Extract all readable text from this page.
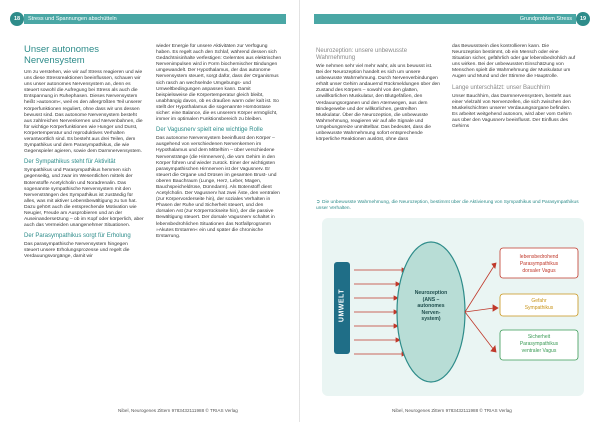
18	Stress und Spannungen abschütteln
Unser autonomes Nervensystem

Um zu verstehen, wie wir auf Stress reagieren und wie uns diese Stressreaktionen beeinflussen, schauen wir uns unser autonomes Nervensystem an, denn es steuert sowohl die Aufregung bei Stress als auch die Entspannung in Ruhephasen. Dieses Nervensystem heißt »autonom«, weil es den allergrößten Teil unserer Körperfunktionen reguliert, ohne dass wir uns dessen bewusst sind. Das autonome Nervensystem besteht aus zahlreichen Nervenkernen und Nervenbahnen, die für wichtige Körperfunktionen wie Hunger und Durst, Körpertemperatur und reproduktives Verhalten verantwortlich sind. Es besteht aus drei Teilen, dem Sympathikus und dem Parasympathikus, die wie Gegenspieler agieren, sowie dem Darmnervensystem.

Der Sympathikus steht für Aktivität

Sympathikus und Parasympathikus hemmen sich gegenseitig, und zwar im Wesentlichen mittels der Botenstoffe Acetylcholin und Noradrenalin. Das sogenannte sympathische Nervensystem mit den Nervensträngen des Sympathikus ist zuständig für alles, was mit aktiver Lebensbewältigung zu tun hat. Dazu gehört auch die entsprechende Motivation wie Neugier, Freude am Ausprobieren und an der Auseinandersetzung – ob im Kopf oder körperlich, aber auch das Vermeiden unangenehmer Situationen.

Der Parasympathikus sorgt für Erholung

Das parasympathische Nervensystem hingegen steuert unsere Erholungsprozesse und regelt die Verdauungsvorgänge, damit wir

wieder Energie für unsere Aktivitäten zur Verfügung haben. Es regelt auch den Schlaf, während dessen sich Gedächtnisinhalte verfestigen: Gelerntes aus elektrischen Nervenimpulsen wird in Form biochemischer Bindungen umgewandelt. Der Hypothalamus, der das autonome Nervensystem steuert, sorgt dafür, dass der Organismus sich rasch an wechselnde Umgebungs- und Umweltbedingungen anpassen kann. Damit beispielsweise die Körpertemperatur gleich bleibt, unabhängig davon, ob es draußen warm oder kalt ist. So stellt der Hypothalamus die sogenannte Homöostase sicher: eine Balance, die es unserem Körper ermöglicht, immer im optimalen Funktionsbereich zu bleiben.

Der Vagusnerv spielt eine wichtige Rolle

Das autonome Nervensystem beeinflusst den Körper – ausgehend von verschiedenen Nervenkernen im Hypothalamus und dem Mittelhirn – über verschiedene Nervenstränge (die Hirnnerven), die vom Gehirn in den Körper führen und wieder zurück. Einer der wichtigsten parasympathischen Hirnnerven ist der Vagusnerv. Er steuert die Organe und Drüsen im gesamten Brust- und oberen Bauchraum (Lunge, Herz, Leber, Magen, Bauchspeicheldrüse, Dünndarm). Als Botenstoff dient Acetylcholin. Der Vagusnerv hat zwei Äste, den ventralen (zur Körpervorderseite hin), der soziales Verhalten in Phasen der Ruhe und Sicherheit steuert, und den dorsalen Ast (zur Körperrückseite hin), der die passive Bewältigung steuert. Der dorsale Vagusnerv schaltet in lebensbedrohlichen Situationen das Notfallprogramm »Akutes Erstarren« ein und später die chronische Erstarrung.

Nibel, Neurogenes Zittern 9783432111988 © TRIAS Verlag
Grundproblem Stress	19
Neurozeption: unsere unbewusste Wahrnehmung

Wie nehmen sehr viel mehr wahr, als uns bewusst ist. Bei der Neurozeption handelt es sich um unsere unbewusste Wahrnehmung. Durch Nervenverbindungen erhält unser Gehirn andauernd Rückmeldungen über den Zustand des Körpers – sowohl von den glatten, unwillkürlichen Muskulatur, den Blutgefäßen, den Verdauungsorganen und den Atemwegen, aus dem Bindegewebe und der willkürlichen, gestreiften Muskulatur. Über die Neurozeption, die unbewusste Wahrnehmung, reagieren wir auf alle Signale und Umgebungsreize unmittelbar. Das bedeutet, dass die unbewusste Wahrnehmung sofort entsprechende körperliche Reaktionen auslöst, ohne dass

das Bewusstsein dies kontrollieren kann. Die Neurozeption bestimmt, ob ein Mensch oder eine Situation sicher, gefährlich oder gar lebensbedrohlich auf uns wirken. Bei der unbewussten Einschätzung von Menschen spielt die Wahrnehmung der Muskulatur um Augen und Mund und der Stimme die Hauptrolle.

Lange unterschätzt: unser Bauchhirn

Unser Bauchhirn, das Darmnervensystem, besteht aus einer Vielzahl von Nervenzellen, die sich zwischen den Muskelschichten unserer Verdauungsorgane befinden. Es arbeitet weitgehend autonom, wird aber vom Gehirn aus über den Vagusnerv beeinflusst. Der Einfluss des Gehirns

➲ Die unbewusste Wahrnehmung, die Neurozeption, bestimmt über die Aktivierung von Sympathikus und Parasympathikus unser Verhalten.
UMWELT	Neurozeption
(ANS –
autonomes
Nerven-
system)
lebensbedrohend
Parasympathikus
dorsaler Vagus
Gefahr
Sympathikus
Sicherheit
Parasympathikus
ventraler Vagus
Nibel, Neurogenes Zittern 9783432111988 © TRIAS Verlag
